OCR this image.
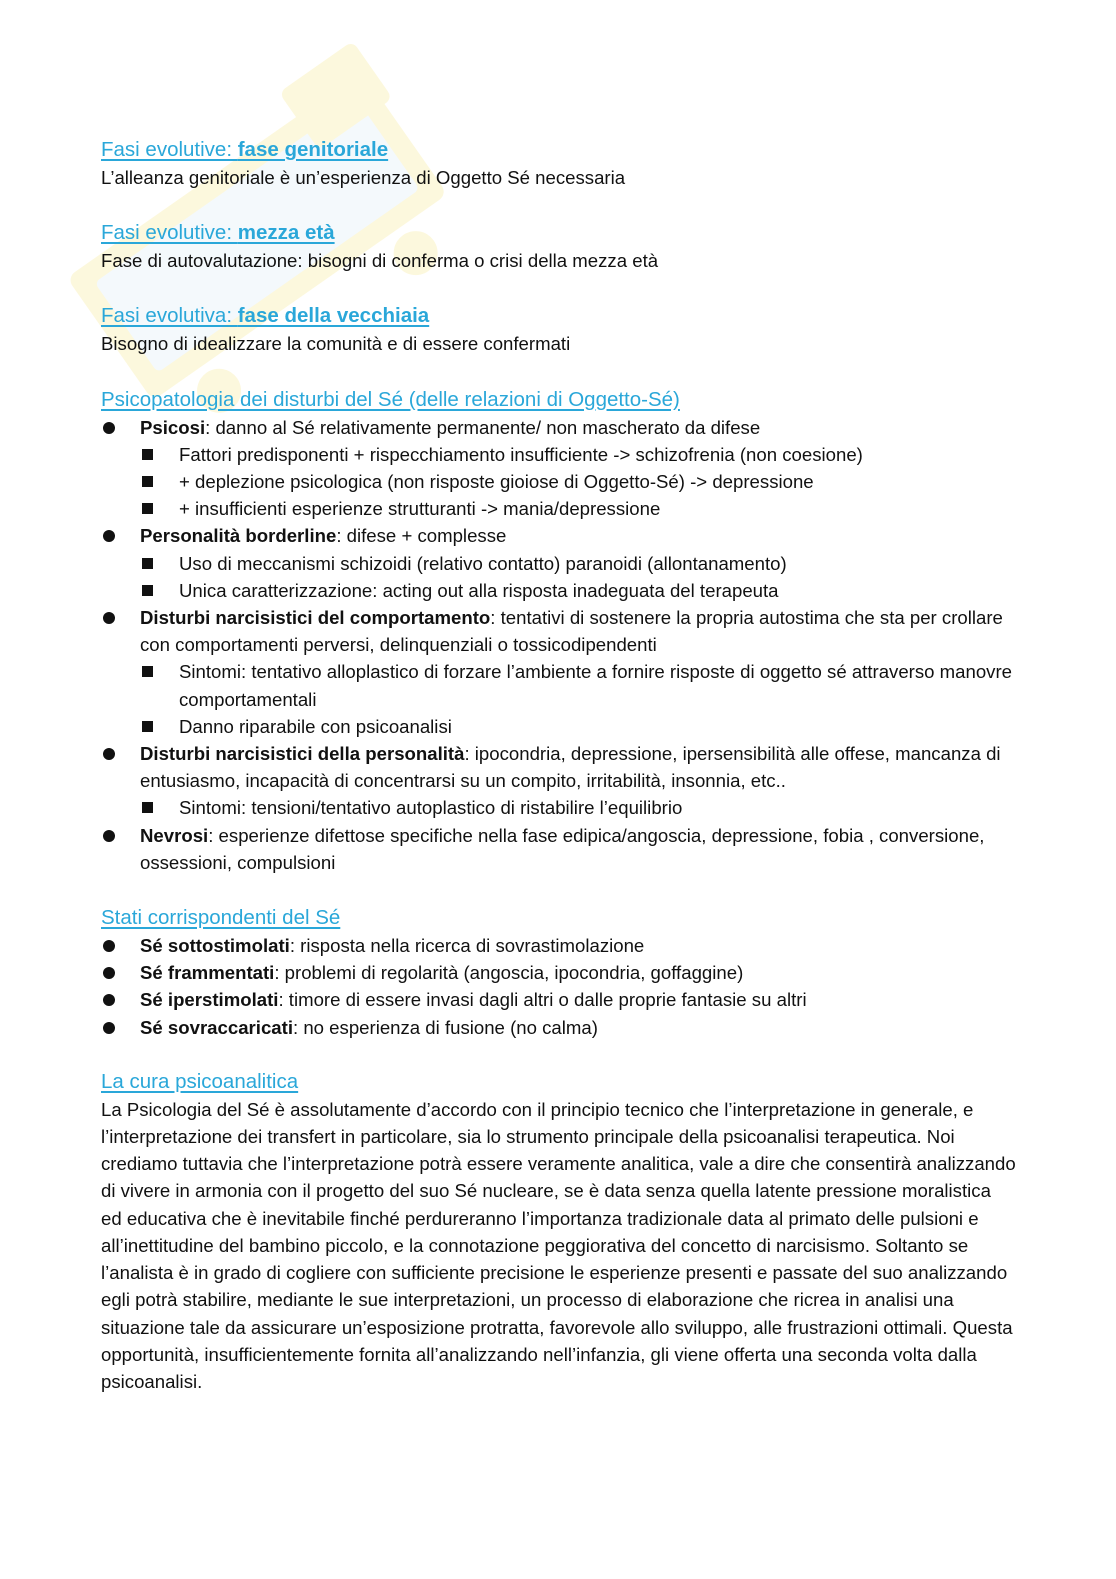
Fasi evolutive: fase genitoriale

L’alleanza genitoriale è un’esperienza di Oggetto Sé necessaria

Fasi evolutive: mezza età

Fase di autovalutazione: bisogni di conferma o crisi della mezza età

Fasi evolutiva: fase della vecchiaia

Bisogno di idealizzare la comunità e di essere confermati

Psicopatologia dei disturbi del Sé (delle relazioni di Oggetto-Sé)
Psicosi: danno al Sé relativamente permanente/ non mascherato da difese
Fattori predisponenti + rispecchiamento insufficiente -> schizofrenia (non coesione)
+ deplezione psicologica (non risposte gioiose di Oggetto-Sé) -> depressione
+ insufficienti esperienze strutturanti -> mania/depressione
Personalità borderline: difese + complesse
Uso di meccanismi schizoidi (relativo contatto) paranoidi (allontanamento)
Unica caratterizzazione: acting out alla risposta inadeguata del terapeuta
Disturbi narcisistici del comportamento: tentativi di sostenere la propria autostima che sta per crollare con comportamenti perversi, delinquenziali o tossicodipendenti
Sintomi: tentativo alloplastico di forzare l’ambiente a fornire risposte di oggetto sé attraverso manovre comportamentali
Danno riparabile con psicoanalisi
Disturbi narcisistici della personalità: ipocondria, depressione, ipersensibilità alle offese, mancanza di entusiasmo, incapacità di concentrarsi su un compito, irritabilità, insonnia, etc..
Sintomi: tensioni/tentativo autoplastico di ristabilire l’equilibrio
Nevrosi: esperienze difettose specifiche nella fase edipica/angoscia, depressione, fobia , conversione, ossessioni, compulsioni
Stati corrispondenti del Sé
Sé sottostimolati: risposta nella ricerca di sovrastimolazione
Sé frammentati: problemi di regolarità (angoscia, ipocondria, goffaggine)
Sé iperstimolati: timore di essere invasi dagli altri o dalle proprie fantasie su altri
Sé sovraccaricati: no esperienza di fusione (no calma)
La cura psicoanalitica

La Psicologia del Sé è assolutamente d’accordo con il principio tecnico che l’interpretazione in generale, e l’interpretazione dei transfert in particolare, sia lo strumento principale della psicoanalisi terapeutica. Noi crediamo tuttavia che l’interpretazione potrà essere veramente analitica, vale a dire che consentirà analizzando di vivere in armonia con il progetto del suo Sé nucleare, se è data senza quella latente pressione moralistica ed educativa che è inevitabile finché perdureranno l’importanza tradizionale data al primato delle pulsioni e all’inettitudine del bambino piccolo, e la connotazione peggiorativa del concetto di narcisismo. Soltanto se l’analista è in grado di cogliere con sufficiente precisione le esperienze presenti e passate del suo analizzando egli potrà stabilire, mediante le sue interpretazioni, un processo di elaborazione che ricrea in analisi una situazione tale da assicurare un’esposizione protratta, favorevole allo sviluppo, alle frustrazioni ottimali. Questa opportunità, insufficientemente fornita all’analizzando nell’infanzia, gli viene offerta una seconda volta dalla psicoanalisi.
